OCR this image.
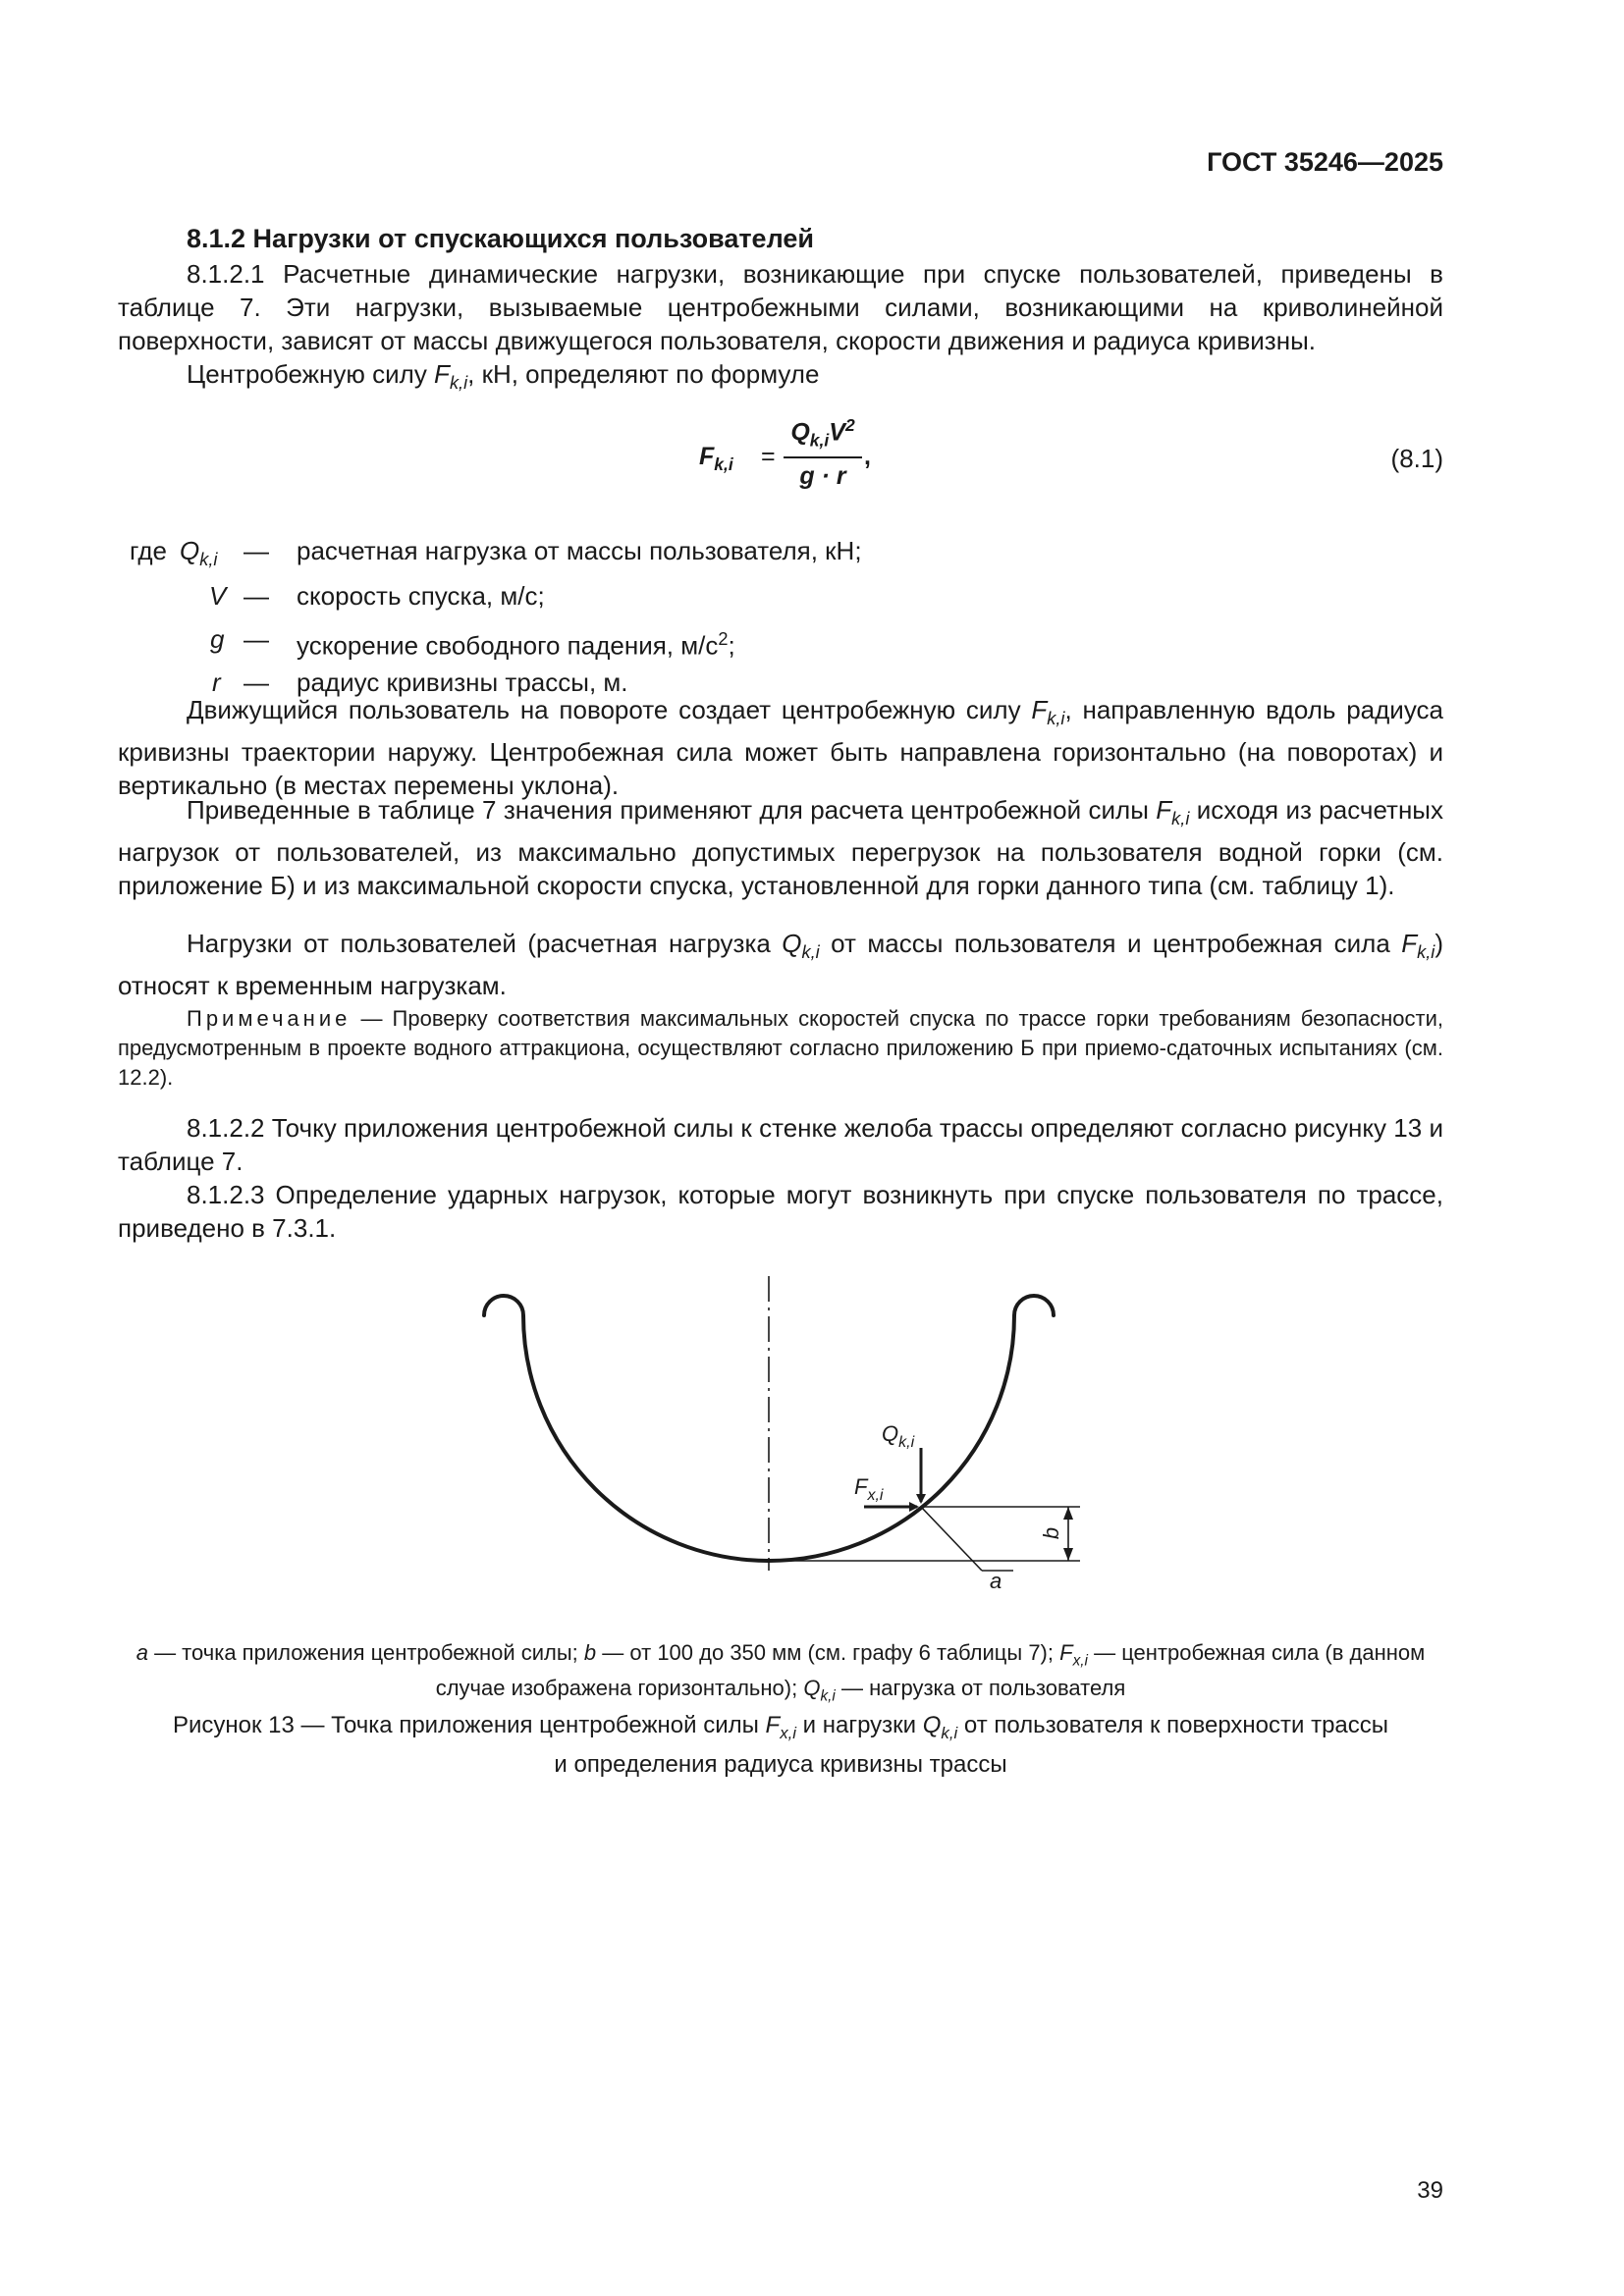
ГОСТ 35246—2025
8.1.2 Нагрузки от спускающихся пользователей
8.1.2.1 Расчетные динамические нагрузки, возникающие при спуске пользователей, приведены в таблице 7. Эти нагрузки, вызываемые центробежными силами, возникающими на криволинейной поверхности, зависят от массы движущегося пользователя, скорости движения и радиуса кривизны.
Центробежную силу $F_{k,i}$, кН, определяют по формуле
$F_{k,i}$ =
$Q_{k,i}V^2$
g · r
,	(8.1)
где $Q_{k,i}$ — расчетная нагрузка от массы пользователя, кН;
V — скорость спуска, м/с;
g — ускорение свободного падения, $м/с^2$;
r — радиус кривизны трассы, м.
Движущийся пользователь на повороте создает центробежную силу $F_{k,i}$, направленную вдоль радиуса кривизны траектории наружу. Центробежная сила может быть направлена горизонтально (на поворотах) и вертикально (в местах перемены уклона).
Приведенные в таблице 7 значения применяют для расчета центробежной силы $F_{k,i}$ исходя из расчетных нагрузок от пользователей, из максимально допустимых перегрузок на пользователя водной горки (см. приложение Б) и из максимальной скорости спуска, установленной для горки данного типа (см. таблицу 1).
Нагрузки от пользователей (расчетная нагрузка $Q_{k,i}$ от массы пользователя и центробежная сила $F_{k,i}$) относят к временным нагрузкам.
Примечание — Проверку соответствия максимальных скоростей спуска по трассе горки требованиям безопасности, предусмотренным в проекте водного аттракциона, осуществляют согласно приложению Б при приемо-сдаточных испытаниях (см. 12.2).
8.1.2.2 Точку приложения центробежной силы к стенке желоба трассы определяют согласно рисунку 13 и таблице 7.
8.1.2.3 Определение ударных нагрузок, которые могут возникнуть при спуске пользователя по трассе, приведено в 7.3.1.
$Q_{k,i}$
$F_{x,i}$
b
a
a — точка приложения центробежной силы; b — от 100 до 350 мм (см. графу 6 таблицы 7); $F_{x,i}$ — центробежная сила (в данном случае изображена горизонтально); $Q_{k,i}$ — нагрузка от пользователя
Рисунок 13 — Точка приложения центробежной силы $F_{x,i}$ и нагрузки $Q_{k,i}$ от пользователя к поверхности трассы
и определения радиуса кривизны трассы
39
